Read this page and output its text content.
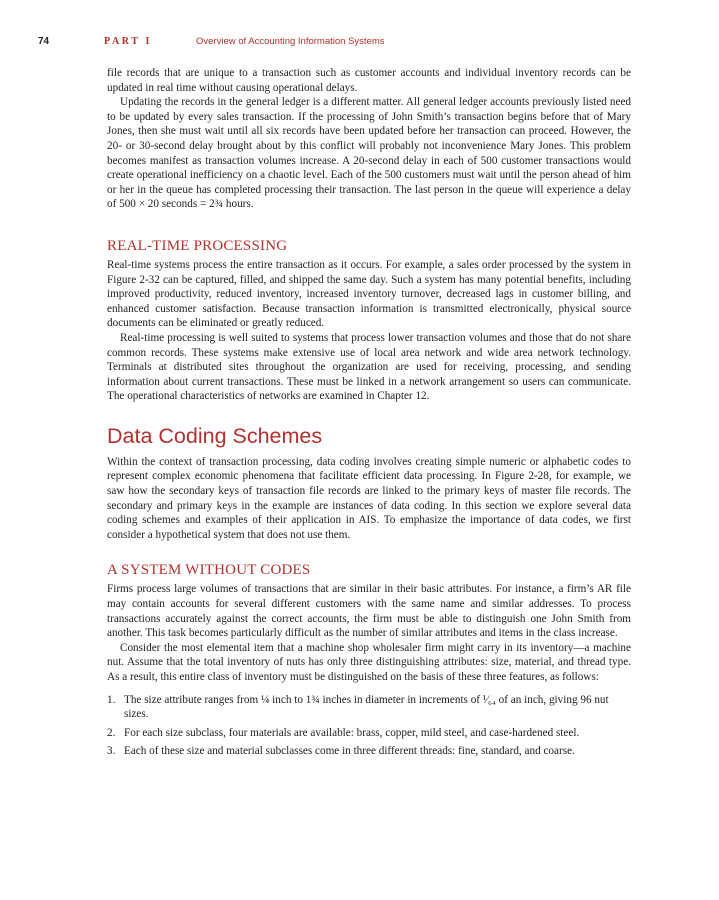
74	PART I	Overview of Accounting Information Systems

file records that are unique to a transaction such as customer accounts and individual inventory records can be updated in real time without causing operational delays.

Updating the records in the general ledger is a different matter. All general ledger accounts previously listed need to be updated by every sales transaction. If the processing of John Smith’s transaction begins before that of Mary Jones, then she must wait until all six records have been updated before her transaction can proceed. However, the 20- or 30-second delay brought about by this conflict will probably not inconvenience Mary Jones. This problem becomes manifest as transaction volumes increase. A 20-second delay in each of 500 customer transactions would create operational inefficiency on a chaotic level. Each of the 500 customers must wait until the person ahead of him or her in the queue has completed processing their transaction. The last person in the queue will experience a delay of 500 × 20 seconds = 2¾ hours.

REAL-TIME PROCESSING

Real-time systems process the entire transaction as it occurs. For example, a sales order processed by the system in Figure 2-32 can be captured, filled, and shipped the same day. Such a system has many potential benefits, including improved productivity, reduced inventory, increased inventory turnover, decreased lags in customer billing, and enhanced customer satisfaction. Because transaction information is transmitted electronically, physical source documents can be eliminated or greatly reduced.

Real-time processing is well suited to systems that process lower transaction volumes and those that do not share common records. These systems make extensive use of local area network and wide area network technology. Terminals at distributed sites throughout the organization are used for receiving, processing, and sending information about current transactions. These must be linked in a network arrangement so users can communicate. The operational characteristics of networks are examined in Chapter 12.

Data Coding Schemes

Within the context of transaction processing, data coding involves creating simple numeric or alphabetic codes to represent complex economic phenomena that facilitate efficient data processing. In Figure 2-28, for example, we saw how the secondary keys of transaction file records are linked to the primary keys of master file records. The secondary and primary keys in the example are instances of data coding. In this section we explore several data coding schemes and examples of their application in AIS. To emphasize the importance of data codes, we first consider a hypothetical system that does not use them.

A SYSTEM WITHOUT CODES

Firms process large volumes of transactions that are similar in their basic attributes. For instance, a firm’s AR file may contain accounts for several different customers with the same name and similar addresses. To process transactions accurately against the correct accounts, the firm must be able to distinguish one John Smith from another. This task becomes particularly difficult as the number of similar attributes and items in the class increase.

Consider the most elemental item that a machine shop wholesaler firm might carry in its inventory—a machine nut. Assume that the total inventory of nuts has only three distinguishing attributes: size, material, and thread type. As a result, this entire class of inventory must be distinguished on the basis of these three features, as follows:

1. The size attribute ranges from ¼ inch to 1¾ inches in diameter in increments of ¹⁄₆₄ of an inch, giving 96 nut sizes.
2. For each size subclass, four materials are available: brass, copper, mild steel, and case-hardened steel.
3. Each of these size and material subclasses come in three different threads: fine, standard, and coarse.
